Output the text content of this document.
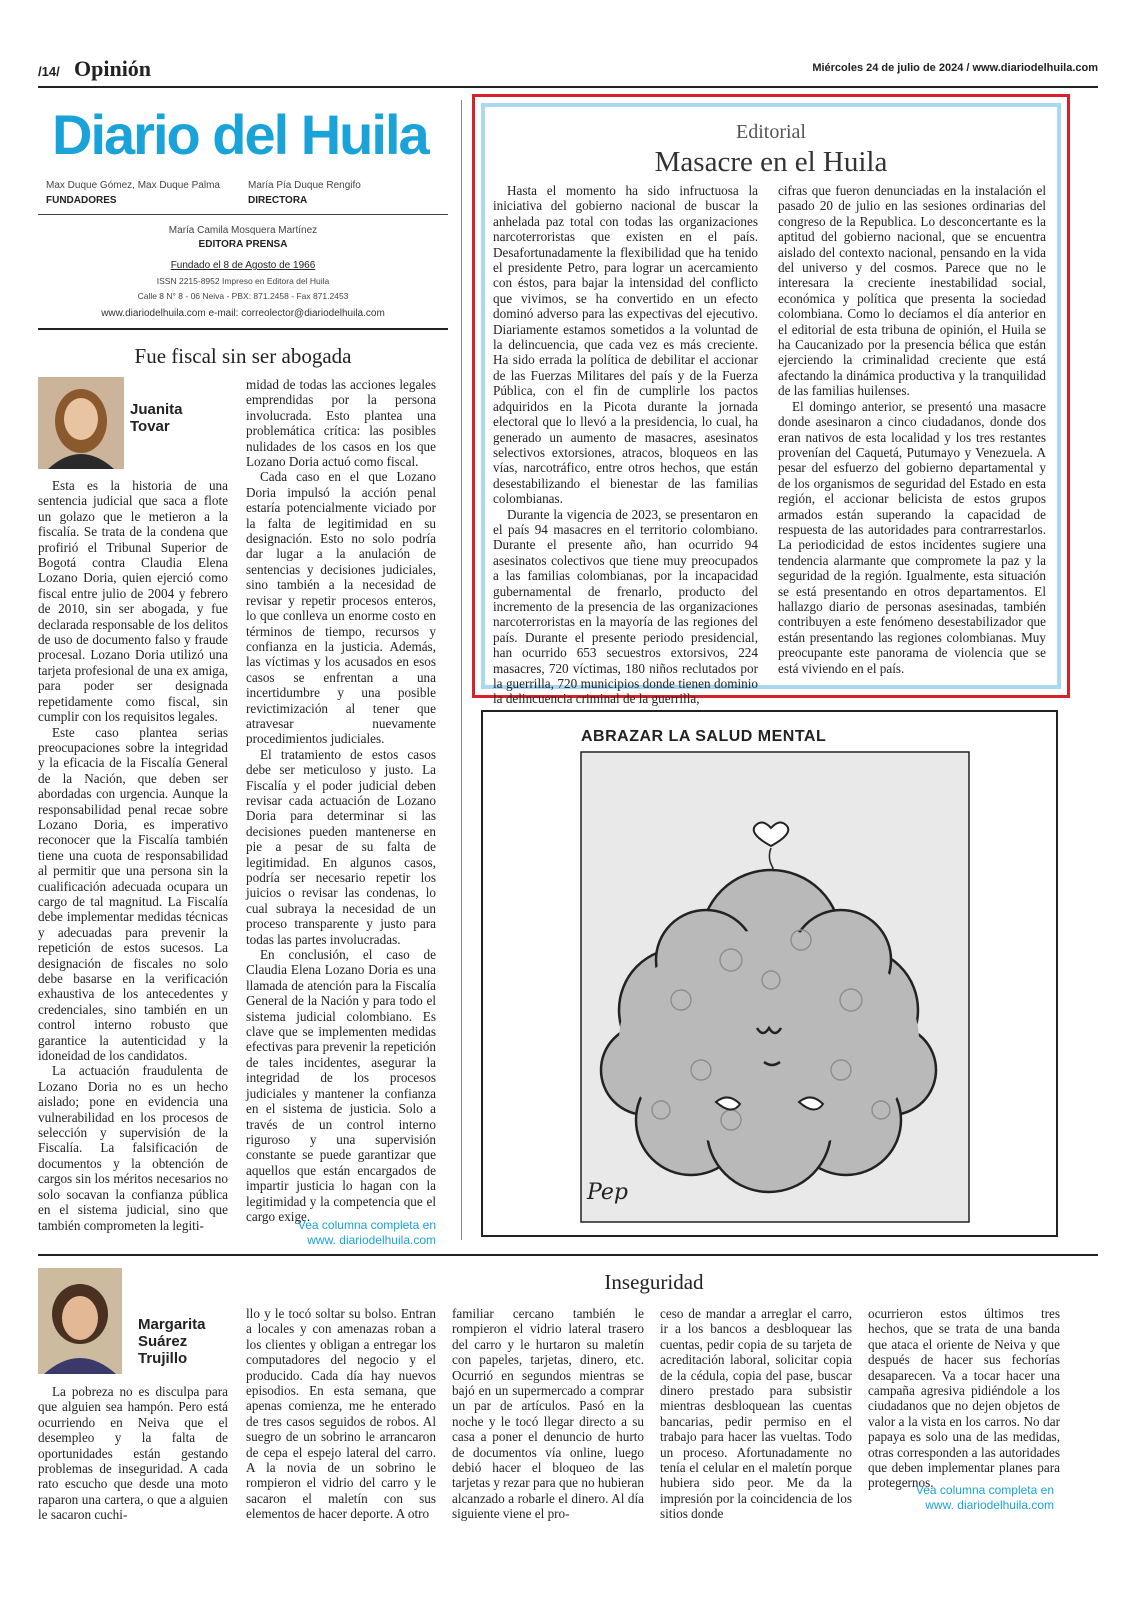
/14/ Opinión	Miércoles 24 de julio de 2024 / www.diariodelhuila.com
Diario del Huila
Max Duque Gómez, Max Duque Palma
FUNDADORES
María Pía Duque Rengifo
DIRECTORA
María Camila Mosquera Martínez
EDITORA PRENSA
Fundado el 8 de Agosto de 1966
ISSN 2215-8952 Impreso en Editora del Huila
Calle 8 N° 8 - 06 Neiva - PBX: 871.2458 - Fax 871.2453
www.diariodelhuila.com e-mail: correolector@diariodelhuila.com
Fue fiscal sin ser abogada
Juanita Tovar

Esta es la historia de una sentencia judicial que saca a flote un golazo que le metieron a la fiscalía. Se trata de la condena que profirió el Tribunal Superior de Bogotá contra Claudia Elena Lozano Doria, quien ejerció como fiscal entre julio de 2004 y febrero de 2010, sin ser abogada, y fue declarada responsable de los delitos de uso de documento falso y fraude procesal. Lozano Doria utilizó una tarjeta profesional de una ex amiga, para poder ser designada repetidamente como fiscal, sin cumplir con los requisitos legales.

Este caso plantea serias preocupaciones sobre la integridad y la eficacia de la Fiscalía General de la Nación, que deben ser abordadas con urgencia. Aunque la responsabilidad penal recae sobre Lozano Doria, es imperativo reconocer que la Fiscalía también tiene una cuota de responsabilidad al permitir que una persona sin la cualificación adecuada ocupara un cargo de tal magnitud. La Fiscalía debe implementar medidas técnicas y adecuadas para prevenir la repetición de estos sucesos. La designación de fiscales no solo debe basarse en la verificación exhaustiva de los antecedentes y credenciales, sino también en un control interno robusto que garantice la autenticidad y la idoneidad de los candidatos.

La actuación fraudulenta de Lozano Doria no es un hecho aislado; pone en evidencia una vulnerabilidad en los procesos de selección y supervisión de la Fiscalía. La falsificación de documentos y la obtención de cargos sin los méritos necesarios no solo socavan la confianza pública en el sistema judicial, sino que también comprometen la legiti-

midad de todas las acciones legales emprendidas por la persona involucrada. Esto plantea una problemática crítica: las posibles nulidades de los casos en los que Lozano Doria actuó como fiscal.

Cada caso en el que Lozano Doria impulsó la acción penal estaría potencialmente viciado por la falta de legitimidad en su designación. Esto no solo podría dar lugar a la anulación de sentencias y decisiones judiciales, sino también a la necesidad de revisar y repetir procesos enteros, lo que conlleva un enorme costo en términos de tiempo, recursos y confianza en la justicia. Además, las víctimas y los acusados en esos casos se enfrentan a una incertidumbre y una posible revictimización al tener que atravesar nuevamente procedimientos judiciales.

El tratamiento de estos casos debe ser meticuloso y justo. La Fiscalía y el poder judicial deben revisar cada actuación de Lozano Doria para determinar si las decisiones pueden mantenerse en pie a pesar de su falta de legitimidad. En algunos casos, podría ser necesario repetir los juicios o revisar las condenas, lo cual subraya la necesidad de un proceso transparente y justo para todas las partes involucradas.

En conclusión, el caso de Claudia Elena Lozano Doria es una llamada de atención para la Fiscalía General de la Nación y para todo el sistema judicial colombiano. Es clave que se implementen medidas efectivas para prevenir la repetición de tales incidentes, asegurar la integridad de los procesos judiciales y mantener la confianza en el sistema de justicia. Solo a través de un control interno riguroso y una supervisión constante se puede garantizar que aquellos que están encargados de impartir justicia lo hagan con la legitimidad y la competencia que el cargo exige.

Vea columna completa en www. diariodelhuila.com
Editorial
Masacre en el Huila

Hasta el momento ha sido infructuosa la iniciativa del gobierno nacional de buscar la anhelada paz total con todas las organizaciones narcoterroristas que existen en el país. Desafortunadamente la flexibilidad que ha tenido el presidente Petro, para lograr un acercamiento con éstos, para bajar la intensidad del conflicto que vivimos, se ha convertido en un efecto dominó adverso para las expectivas del ejecutivo. Diariamente estamos sometidos a la voluntad de la delincuencia, que cada vez es más creciente. Ha sido errada la política de debilitar el accionar de las Fuerzas Militares del país y de la Fuerza Pública, con el fin de cumplirle los pactos adquiridos en la Picota durante la jornada electoral que lo llevó a la presidencia, lo cual, ha generado un aumento de masacres, asesinatos selectivos extorsiones, atracos, bloqueos en las vías, narcotráfico, entre otros hechos, que están desestabilizando el bienestar de las familias colombianas.

Durante la vigencia de 2023, se presentaron en el país 94 masacres en el territorio colombiano. Durante el presente año, han ocurrido 94 asesinatos colectivos que tiene muy preocupados a las familias colombianas, por la incapacidad gubernamental de frenarlo, producto del incremento de la presencia de las organizaciones narcoterroristas en la mayoría de las regiones del país. Durante el presente periodo presidencial, han ocurrido 653 secuestros extorsivos, 224 masacres, 720 víctimas, 180 niños reclutados por la guerrilla, 720 municipios donde tienen dominio la delincuencia criminal de la guerrilla,

cifras que fueron denunciadas en la instalación el pasado 20 de julio en las sesiones ordinarias del congreso de la Republica. Lo desconcertante es la aptitud del gobierno nacional, que se encuentra aislado del contexto nacional, pensando en la vida del universo y del cosmos. Parece que no le interesara la creciente inestabilidad social, económica y política que presenta la sociedad colombiana. Como lo decíamos el día anterior en el editorial de esta tribuna de opinión, el Huila se ha Caucanizado por la presencia bélica que están ejerciendo la criminalidad creciente que está afectando la dinámica productiva y la tranquilidad de las familias huilenses.

El domingo anterior, se presentó una masacre donde asesinaron a cinco ciudadanos, donde dos eran nativos de esta localidad y los tres restantes provenían del Caquetá, Putumayo y Venezuela. A pesar del esfuerzo del gobierno departamental y de los organismos de seguridad del Estado en esta región, el accionar belicista de estos grupos armados están superando la capacidad de respuesta de las autoridades para contrarrestarlos. La periodicidad de estos incidentes sugiere una tendencia alarmante que compromete la paz y la seguridad de la región. Igualmente, esta situación se está presentando en otros departamentos. El hallazgo diario de personas asesinadas, también contribuyen a este fenómeno desestabilizador que están presentando las regiones colombianas. Muy preocupante este panorama de violencia que se está viviendo en el país.

ABRAZAR LA SALUD MENTAL
Pep
Inseguridad
Margarita Suárez Trujillo

La pobreza no es disculpa para que alguien sea hampón. Pero está ocurriendo en Neiva que el desempleo y la falta de oportunidades están gestando problemas de inseguridad. A cada rato escucho que desde una moto raparon una cartera, o que a alguien le sacaron cuchi-

llo y le tocó soltar su bolso. Entran a locales y con amenazas roban a los clientes y obligan a entregar los computadores del negocio y el producido. Cada día hay nuevos episodios. En esta semana, que apenas comienza, me he enterado de tres casos seguidos de robos. Al suegro de un sobrino le arrancaron de cepa el espejo lateral del carro. A la novia de un sobrino le rompieron el vidrio del carro y le sacaron el maletín con sus elementos de hacer deporte. A otro

familiar cercano también le rompieron el vidrio lateral trasero del carro y le hurtaron su maletín con papeles, tarjetas, dinero, etc. Ocurrió en segundos mientras se bajó en un supermercado a comprar un par de artículos. Pasó en la noche y le tocó llegar directo a su casa a poner el denuncio de hurto de documentos vía online, luego debió hacer el bloqueo de las tarjetas y rezar para que no hubieran alcanzado a robarle el dinero. Al día siguiente viene el pro-

ceso de mandar a arreglar el carro, ir a los bancos a desbloquear las cuentas, pedir copia de su tarjeta de acreditación laboral, solicitar copia de la cédula, copia del pase, buscar dinero prestado para subsistir mientras desbloquean las cuentas bancarias, pedir permiso en el trabajo para hacer las vueltas. Todo un proceso. Afortunadamente no tenía el celular en el maletín porque hubiera sido peor. Me da la impresión por la coincidencia de los sitios donde

ocurrieron estos últimos tres hechos, que se trata de una banda que ataca el oriente de Neiva y que después de hacer sus fechorías desaparecen. Va a tocar hacer una campaña agresiva pidiéndole a los ciudadanos que no dejen objetos de valor a la vista en los carros. No dar papaya es solo una de las medidas, otras corresponden a las autoridades que deben implementar planes para protegernos.

Vea columna completa en www. diariodelhuila.com
